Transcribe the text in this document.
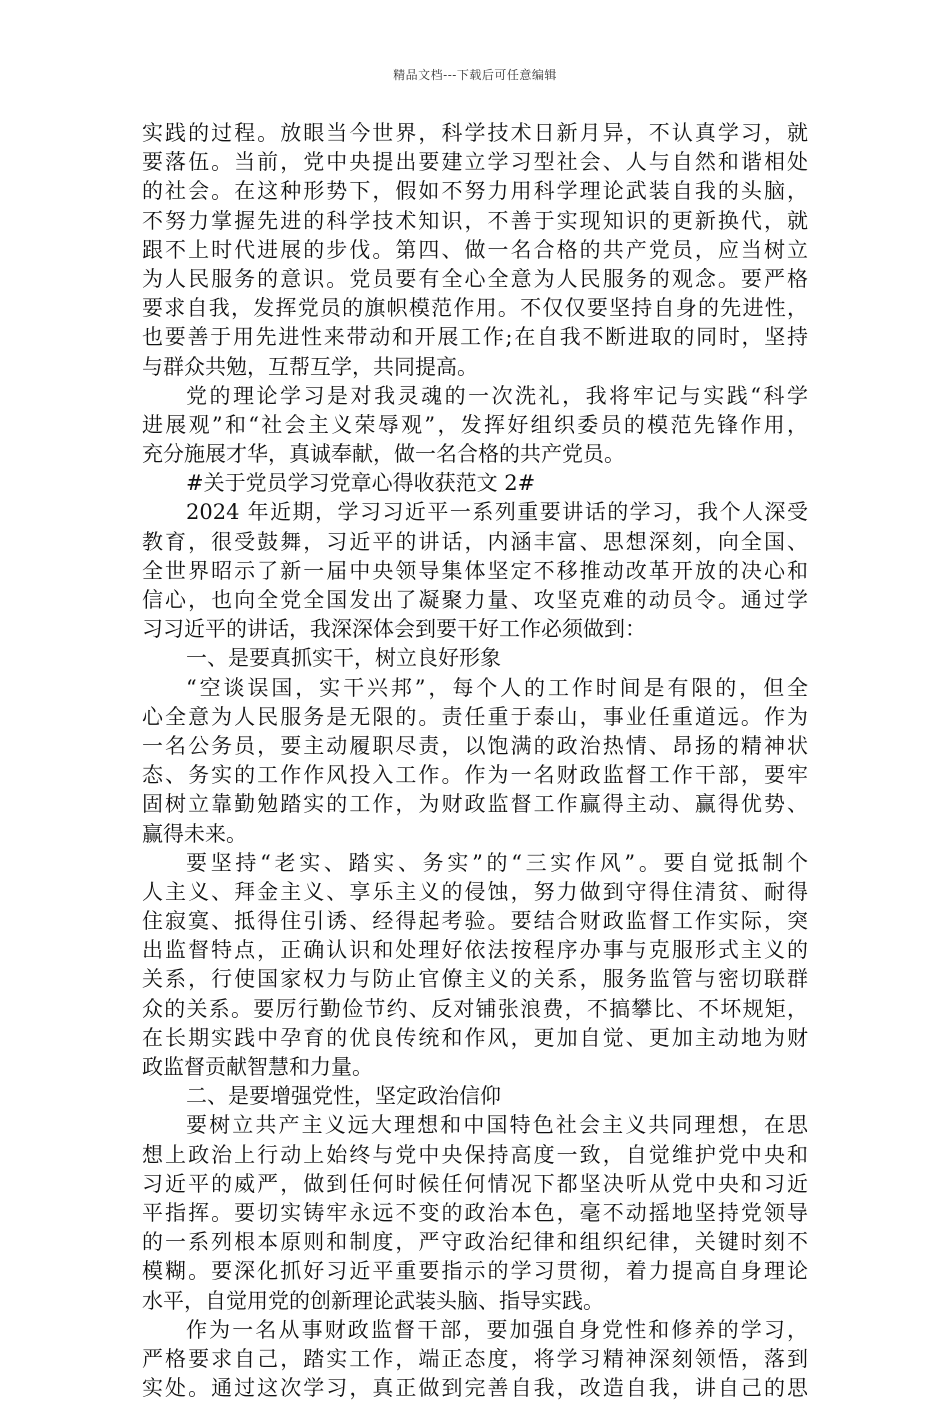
精品文档---下载后可任意编辑
实践的过程。放眼当今世界，科学技术日新月异，不认真学习，就
要落伍。当前，党中央提出要建立学习型社会、人与自然和谐相处
的社会。在这种形势下，假如不努力用科学理论武装自我的头脑，
不努力掌握先进的科学技术知识，不善于实现知识的更新换代，就
跟不上时代进展的步伐。第四、做一名合格的共产党员，应当树立
为人民服务的意识。党员要有全心全意为人民服务的观念。要严格
要求自我，发挥党员的旗帜模范作用。不仅仅要坚持自身的先进性，
也要善于用先进性来带动和开展工作;在自我不断进取的同时，坚持
与群众共勉，互帮互学，共同提高。
党的理论学习是对我灵魂的一次洗礼，我将牢记与实践“科学
进展观”和“社会主义荣辱观”，发挥好组织委员的模范先锋作用，
充分施展才华，真诚奉献，做一名合格的共产党员。
#关于党员学习党章心得收获范文 2#
2024 年近期，学习习近平一系列重要讲话的学习，我个人深受
教育，很受鼓舞，习近平的讲话，内涵丰富、思想深刻，向全国、
全世界昭示了新一届中央领导集体坚定不移推动改革开放的决心和
信心，也向全党全国发出了凝聚力量、攻坚克难的动员令。通过学
习习近平的讲话，我深深体会到要干好工作必须做到：
一、是要真抓实干，树立良好形象
“空谈误国，实干兴邦”，每个人的工作时间是有限的，但全
心全意为人民服务是无限的。责任重于泰山，事业任重道远。作为
一名公务员，要主动履职尽责，以饱满的政治热情、昂扬的精神状
态、务实的工作作风投入工作。作为一名财政监督工作干部，要牢
固树立靠勤勉踏实的工作，为财政监督工作赢得主动、赢得优势、
赢得未来。
要坚持“老实、踏实、务实”的“三实作风”。要自觉抵制个
人主义、拜金主义、享乐主义的侵蚀，努力做到守得住清贫、耐得
住寂寞、抵得住引诱、经得起考验。要结合财政监督工作实际，突
出监督特点，正确认识和处理好依法按程序办事与克服形式主义的
关系，行使国家权力与防止官僚主义的关系，服务监管与密切联群
众的关系。要厉行勤俭节约、反对铺张浪费，不搞攀比、不坏规矩，
在长期实践中孕育的优良传统和作风，更加自觉、更加主动地为财
政监督贡献智慧和力量。
二、是要增强党性，坚定政治信仰
要树立共产主义远大理想和中国特色社会主义共同理想，在思
想上政治上行动上始终与党中央保持高度一致，自觉维护党中央和
习近平的威严，做到任何时候任何情况下都坚决听从党中央和习近
平指挥。要切实铸牢永远不变的政治本色，毫不动摇地坚持党领导
的一系列根本原则和制度，严守政治纪律和组织纪律，关键时刻不
模糊。要深化抓好习近平重要指示的学习贯彻，着力提高自身理论
水平，自觉用党的创新理论武装头脑、指导实践。
作为一名从事财政监督干部，要加强自身党性和修养的学习，
严格要求自己，踏实工作，端正态度，将学习精神深刻领悟，落到
实处。通过这次学习，真正做到完善自我，改造自我，讲自己的思
